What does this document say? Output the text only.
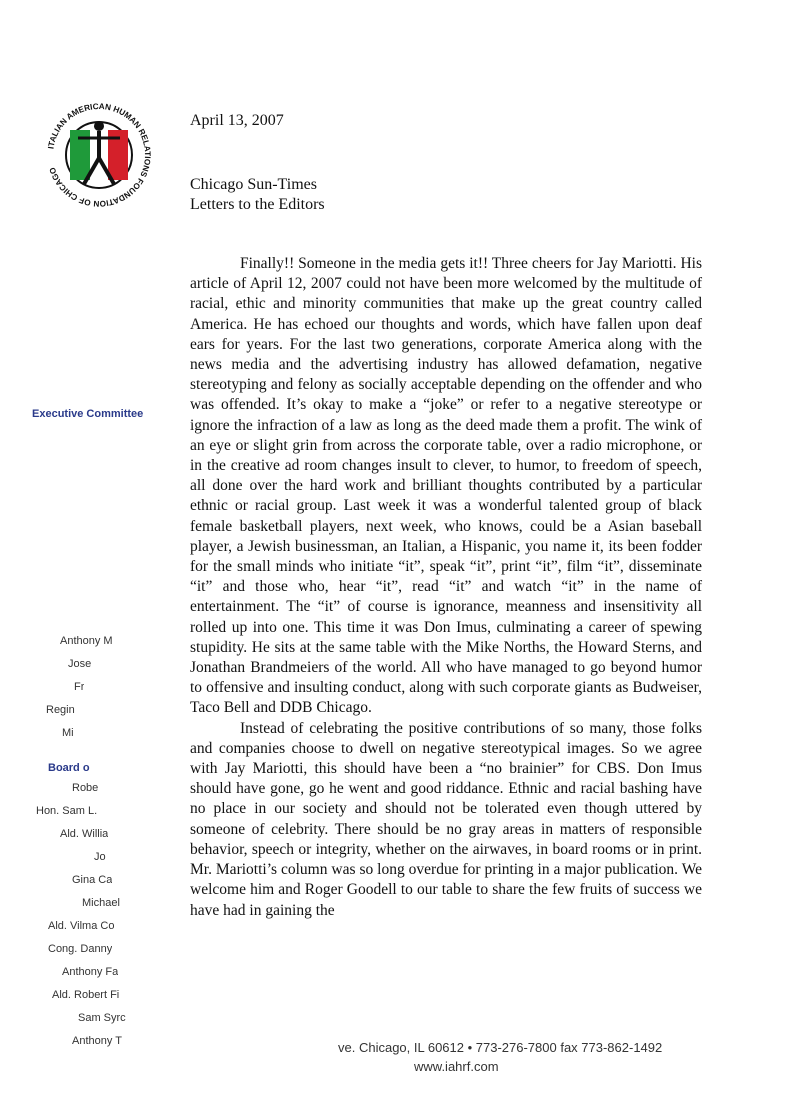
ITALIAN AMERICAN HUMAN RELATIONS FOUNDATION OF CHICAGO
Executive Committee
Anthony M
Jose
Fr
Regin
Mi
Board o
Robe
Hon. Sam L.
Ald. Willia
Jo
Gina Ca
Michael
Ald. Vilma Co
Cong. Danny
Anthony Fa
Ald. Robert Fi
Sam Syrc
Anthony T
April 13, 2007
Chicago Sun-Times
Letters to the Editors

Finally!! Someone in the media gets it!! Three cheers for Jay Mariotti. His article of April 12, 2007 could not have been more welcomed by the multitude of racial, ethic and minority communities that make up the great country called America. He has echoed our thoughts and words, which have fallen upon deaf ears for years. For the last two generations, corporate America along with the news media and the advertising industry has allowed defamation, negative stereotyping and felony as socially acceptable depending on the offender and who was offended. It’s okay to make a “joke” or refer to a negative stereotype or ignore the infraction of a law as long as the deed made them a profit. The wink of an eye or slight grin from across the corporate table, over a radio microphone, or in the creative ad room changes insult to clever, to humor, to freedom of speech, all done over the hard work and brilliant thoughts contributed by a particular ethnic or racial group. Last week it was a wonderful talented group of black female basketball players, next week, who knows, could be a Asian baseball player, a Jewish businessman, an Italian, a Hispanic, you name it, its been fodder for the small minds who initiate “it”, speak “it”, print “it”, film “it”, disseminate “it” and those who, hear “it”, read “it” and watch “it” in the name of entertainment. The “it” of course is ignorance, meanness and insensitivity all rolled up into one. This time it was Don Imus, culminating a career of spewing stupidity. He sits at the same table with the Mike Norths, the Howard Sterns, and Jonathan Brandmeiers of the world. All who have managed to go beyond humor to offensive and insulting conduct, along with such corporate giants as Budweiser, Taco Bell and DDB Chicago.

Instead of celebrating the positive contributions of so many, those folks and companies choose to dwell on negative stereotypical images. So we agree with Jay Mariotti, this should have been a “no brainier” for CBS. Don Imus should have gone, go he went and good riddance. Ethnic and racial bashing have no place in our society and should not be tolerated even though uttered by someone of celebrity. There should be no gray areas in matters of responsible behavior, speech or integrity, whether on the airwaves, in board rooms or in print. Mr. Mariotti’s column was so long overdue for printing in a major publication. We welcome him and Roger Goodell to our table to share the few fruits of success we have had in gaining the

ve. Chicago, IL 60612 • 773-276-7800 fax 773-862-1492
www.iahrf.com
